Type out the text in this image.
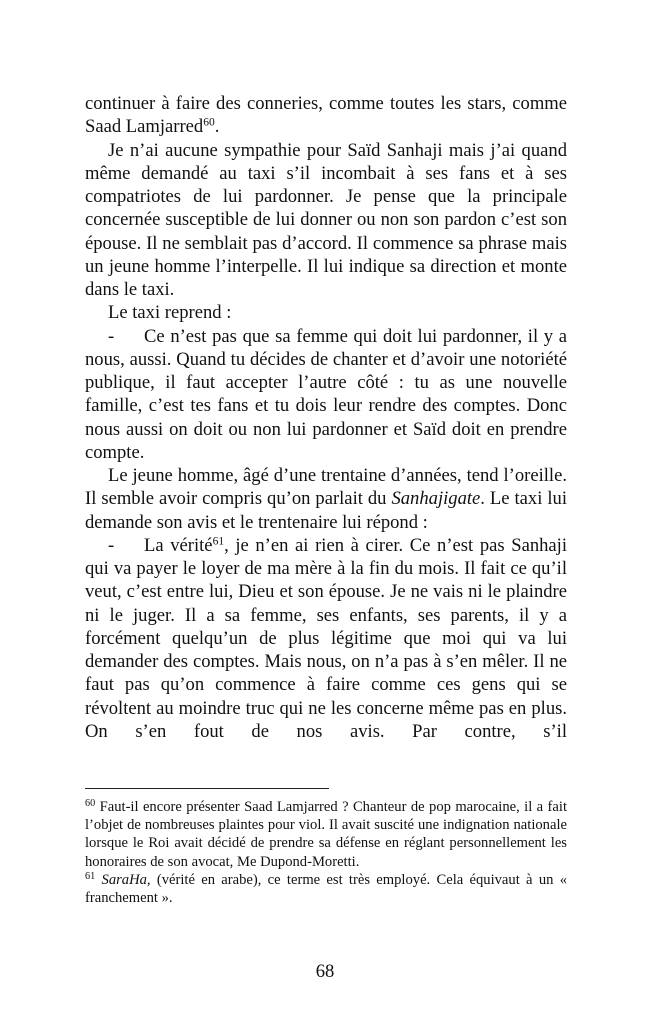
continuer à faire des conneries, comme toutes les stars, comme Saad Lamjarred$^{60}$.

Je n’ai aucune sympathie pour Saïd Sanhaji mais j’ai quand même demandé au taxi s’il incombait à ses fans et à ses compatriotes de lui pardonner. Je pense que la principale concernée susceptible de lui donner ou non son pardon c’est son épouse. Il ne semblait pas d’accord. Il commence sa phrase mais un jeune homme l’interpelle. Il lui indique sa direction et monte dans le taxi.

Le taxi reprend :

- Ce n’est pas que sa femme qui doit lui pardonner, il y a nous, aussi. Quand tu décides de chanter et d’avoir une notoriété publique, il faut accepter l’autre côté : tu as une nouvelle famille, c’est tes fans et tu dois leur rendre des comptes. Donc nous aussi on doit ou non lui pardonner et Saïd doit en prendre compte.

Le jeune homme, âgé d’une trentaine d’années, tend l’oreille. Il semble avoir compris qu’on parlait du Sanhajigate. Le taxi lui demande son avis et le trentenaire lui répond :

- La vérité$^{61}$, je n’en ai rien à cirer. Ce n’est pas Sanhaji qui va payer le loyer de ma mère à la fin du mois. Il fait ce qu’il veut, c’est entre lui, Dieu et son épouse. Je ne vais ni le plaindre ni le juger. Il a sa femme, ses enfants, ses parents, il y a forcément quelqu’un de plus légitime que moi qui va lui demander des comptes. Mais nous, on n’a pas à s’en mêler. Il ne faut pas qu’on commence à faire comme ces gens qui se révoltent au moindre truc qui ne les concerne même pas en plus. On s’en fout de nos avis. Par contre, s’il

$^{60}$ Faut-il encore présenter Saad Lamjarred ? Chanteur de pop marocaine, il a fait l’objet de nombreuses plaintes pour viol. Il avait suscité une indignation nationale lorsque le Roi avait décidé de prendre sa défense en réglant personnellement les honoraires de son avocat, Me Dupond-Moretti.

$^{61}$ SaraHa, (vérité en arabe), ce terme est très employé. Cela équivaut à un « franchement ».

68
